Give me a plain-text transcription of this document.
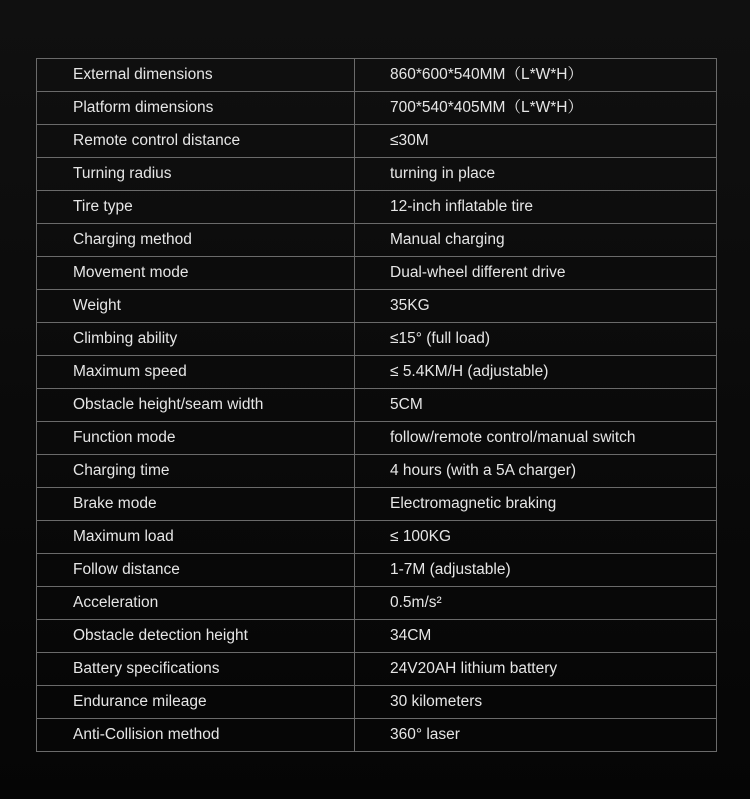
External dimensions	860*600*540MM（L*W*H）
Platform dimensions	700*540*405MM（L*W*H）
Remote control distance	≤30M
Turning radius	turning in place
Tire type	12-inch inflatable tire
Charging method	Manual charging
Movement mode	Dual-wheel different drive
Weight	35KG
Climbing ability	≤15° (full load)
Maximum speed	≤ 5.4KM/H (adjustable)
Obstacle height/seam width	5CM
Function mode	follow/remote control/manual switch
Charging time	4 hours (with a 5A charger)
Brake mode	Electromagnetic braking
Maximum load	≤ 100KG
Follow distance	1-7M (adjustable)
Acceleration	0.5m/s²
Obstacle detection height	34CM
Battery specifications	24V20AH lithium battery
Endurance mileage	30 kilometers
Anti-Collision method	360° laser
